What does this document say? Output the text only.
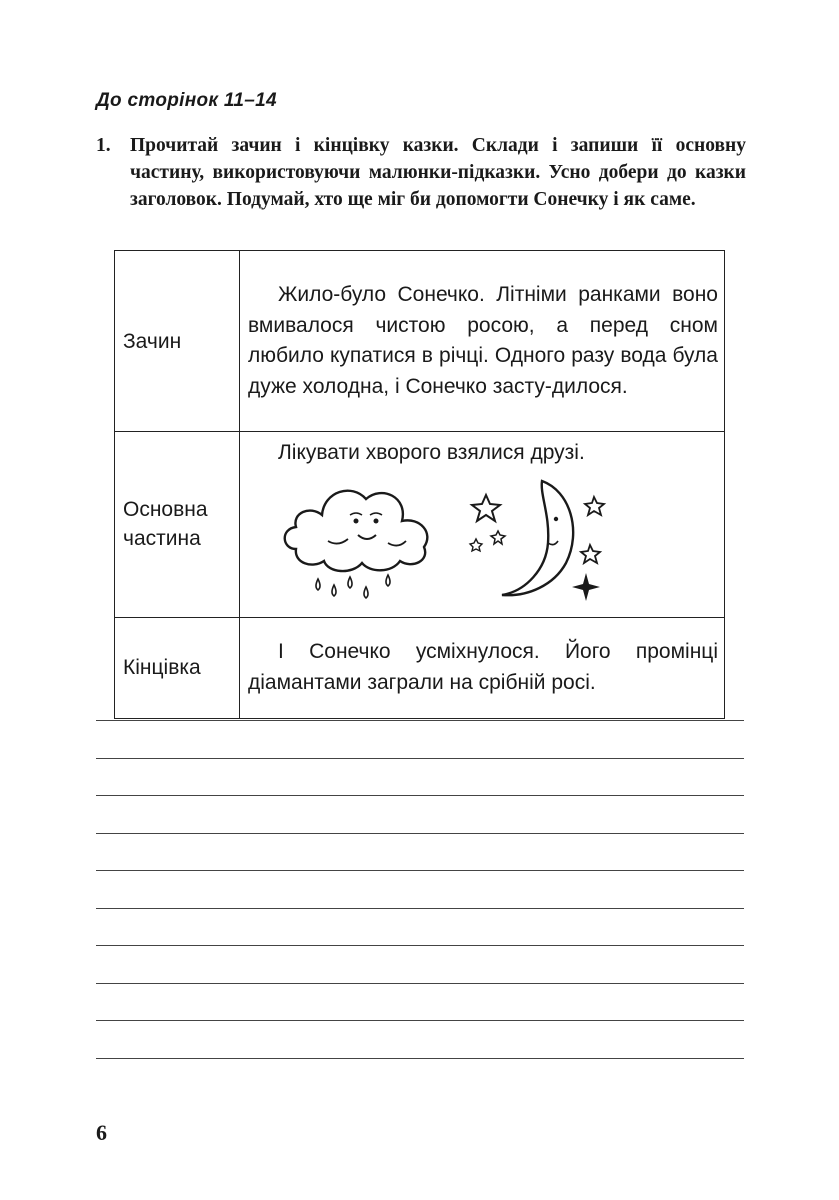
До сторінок 11–14
1. Прочитай зачин і кінцівку казки. Склади і запиши її основну частину, використовуючи малюнки-підказки. Усно добери до казки заголовок. Подумай, хто ще міг би допомогти Сонечку і як саме.
Зачин	Жило-було Сонечко. Літніми ранками воно вмивалося чистою росою, а перед сном любило купатися в річці. Одного разу вода була дуже холодна, і Сонечко засту-дилося.
Основна частина	Лікувати хворого взялися друзі.

Кінцівка	І Сонечко усміхнулося. Його промінці діамантами заграли на срібній росі.
6
